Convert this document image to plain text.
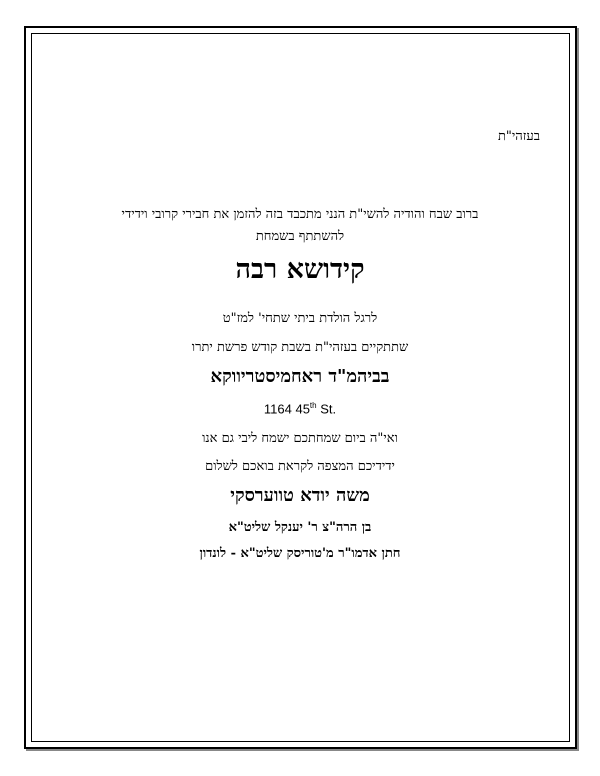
בעזהי"ת
ברוב שבח והודיה להשי"ת הנני מתכבד בזה להזמן את חבירי קרובי וידידי
להשתתף בשמחת
קידושא רבה
לרגל הולדת ביתי שתחי' למז"ט
שתתקיים בעזהי"ת בשבת קודש פרשת יתרו
בביהמ"ד ראחמיסטריווקא
1164 45th St.
ואי"ה ביום שמחתכם ישמח ליבי גם אנו
ידידיכם המצפה לקראת בואכם לשלום
משה יודא טווערסקי
בן הרה"צ ר' יענקל שליט"א
חתן אדמו"ר מ'טוריסק שליט"א - לונדון
